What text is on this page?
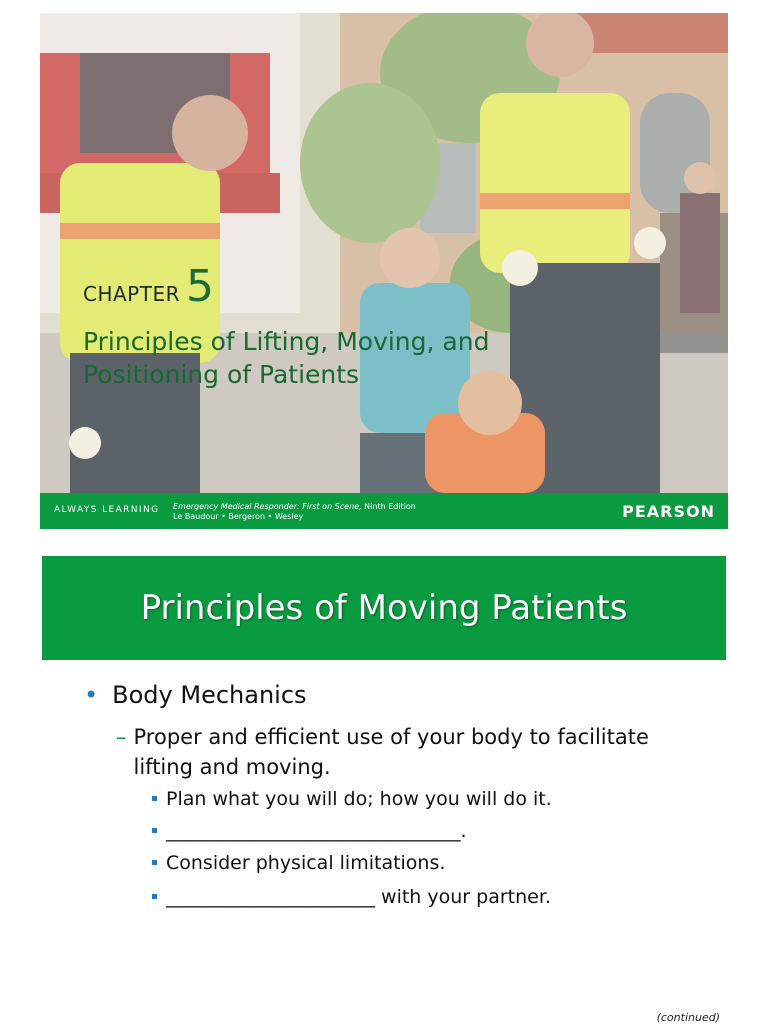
CHAPTER 5
Principles of Lifting, Moving, and
Positioning of Patients
ALWAYS LEARNING Emergency Medical Responder: First on Scene, Ninth Edition
Le Baudour • Bergeron • Wesley	PEARSON
Principles of Moving Patients
• Body Mechanics
– Proper and efficient use of your body to facilitate lifting and moving.
Plan what you will do; how you will do it.
_______________________________.
Consider physical limitations.
______________________ with your partner.
(continued)
